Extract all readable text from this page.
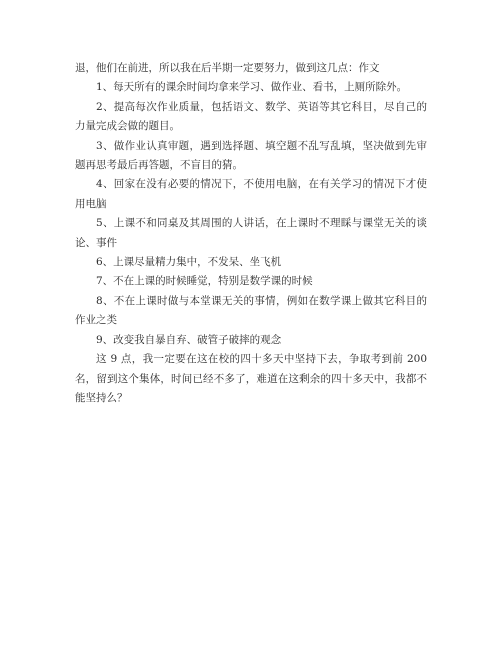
退，他们在前进，所以我在后半期一定要努力，做到这几点：作文

1、每天所有的课余时间均拿来学习、做作业、看书，上厕所除外。

2、提高每次作业质量，包括语文、数学、英语等其它科目，尽自己的力量完成会做的题目。

3、做作业认真审题，遇到选择题、填空题不乱写乱填，坚决做到先审题再思考最后再答题，不盲目的猜。

4、回家在没有必要的情况下，不使用电脑，在有关学习的情况下才使用电脑

5、上课不和同桌及其周围的人讲话，在上课时不理睬与课堂无关的谈论、事件

6、上课尽量精力集中，不发呆、坐飞机

7、不在上课的时候睡觉，特别是数学课的时候

8、不在上课时做与本堂课无关的事情，例如在数学课上做其它科目的作业之类

9、改变我自暴自弃、破管子破摔的观念

这 9 点，我一定要在这在校的四十多天中坚持下去，争取考到前 200 名，留到这个集体，时间已经不多了，难道在这剩余的四十多天中，我都不能坚持么？
